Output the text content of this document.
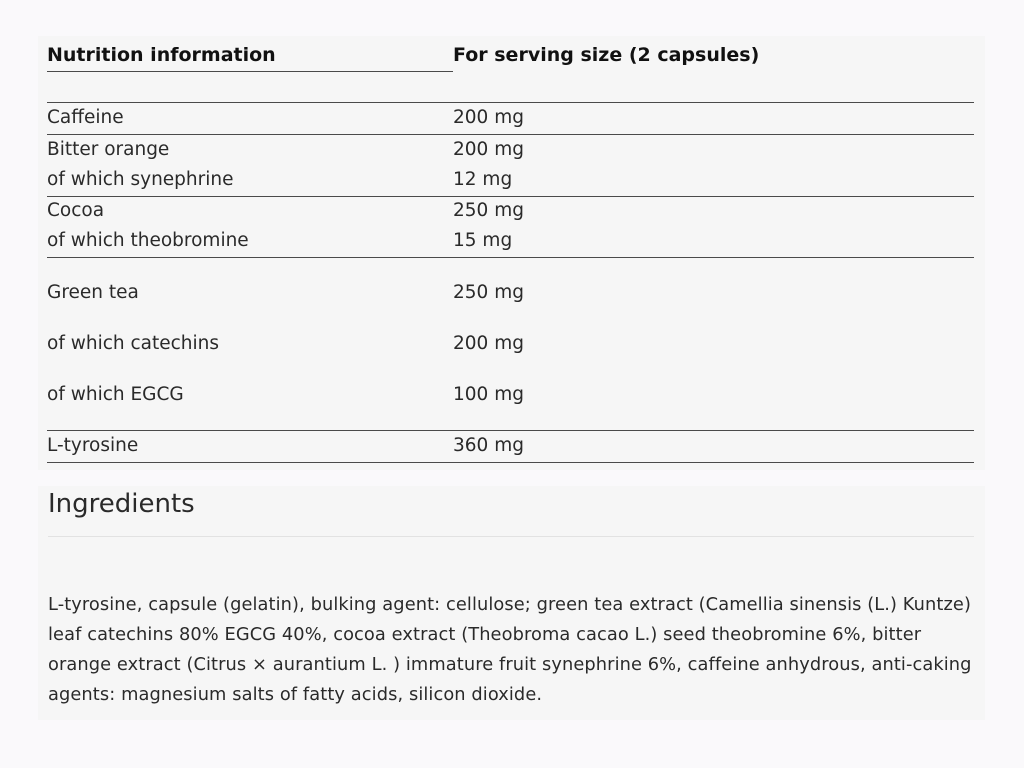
Nutrition information	For serving size (2 capsules)
Caffeine	200 mg
Bitter orange	200 mg
of which synephrine	12 mg
Cocoa	250 mg
of which theobromine	15 mg
Green tea	250 mg
of which catechins	200 mg
of which EGCG	100 mg
L-tyrosine	360 mg
Ingredients
L-tyrosine, capsule (gelatin), bulking agent: cellulose; green tea extract (Camellia sinensis (L.) Kuntze) leaf catechins 80% EGCG 40%, cocoa extract (Theobroma cacao L.) seed theobromine 6%, bitter orange extract (Citrus × aurantium L. ) immature fruit synephrine 6%, caffeine anhydrous, anti-caking agents: magnesium salts of fatty acids, silicon dioxide.
